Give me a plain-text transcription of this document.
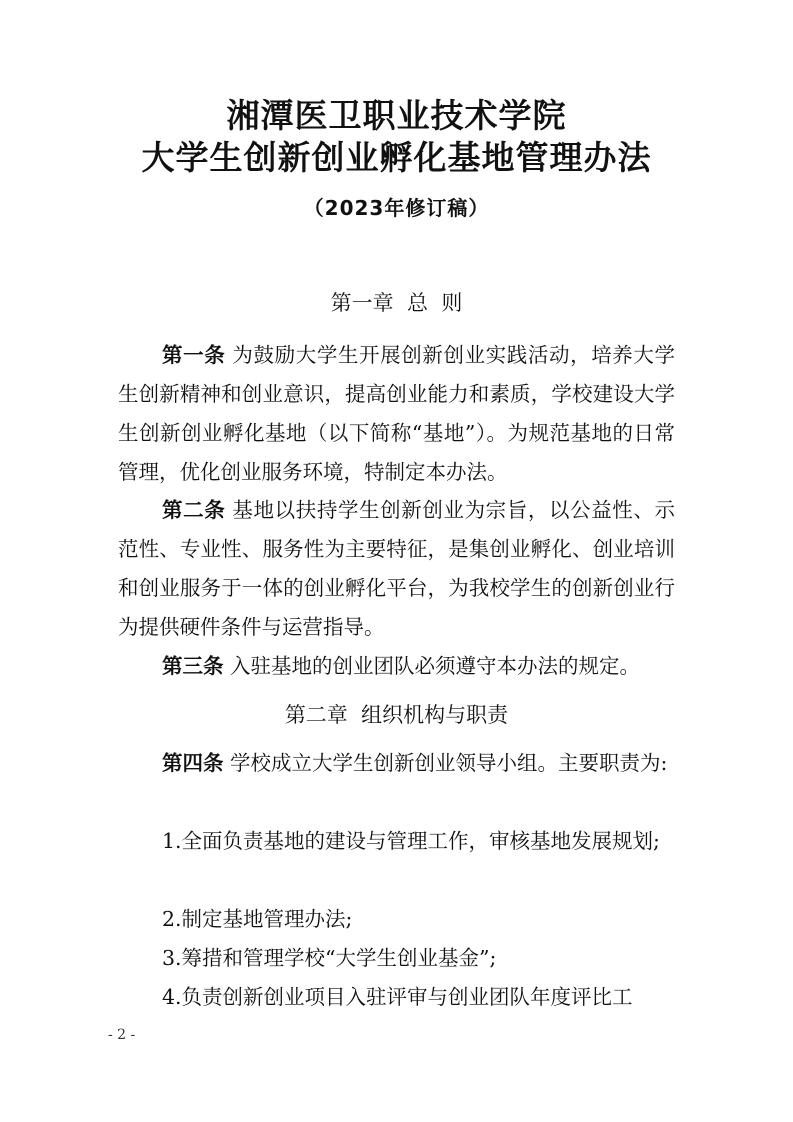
湘潭医卫职业技术学院
大学生创新创业孵化基地管理办法
（2023年修订稿）
第一章  总  则

第一条 为鼓励大学生开展创新创业实践活动，培养大学生创新精神和创业意识，提高创业能力和素质，学校建设大学生创新创业孵化基地（以下简称“基地”）。为规范基地的日常管理，优化创业服务环境，特制定本办法。

第二条 基地以扶持学生创新创业为宗旨，以公益性、示范性、专业性、服务性为主要特征，是集创业孵化、创业培训和创业服务于一体的创业孵化平台，为我校学生的创新创业行为提供硬件条件与运营指导。

第三条 入驻基地的创业团队必须遵守本办法的规定。

第二章  组织机构与职责

第四条 学校成立大学生创新创业领导小组。主要职责为:

1.全面负责基地的建设与管理工作，审核基地发展规划;

2.制定基地管理办法;

3.筹措和管理学校“大学生创业基金”;

4.负责创新创业项目入驻评审与创业团队年度评比工

- 2 -
